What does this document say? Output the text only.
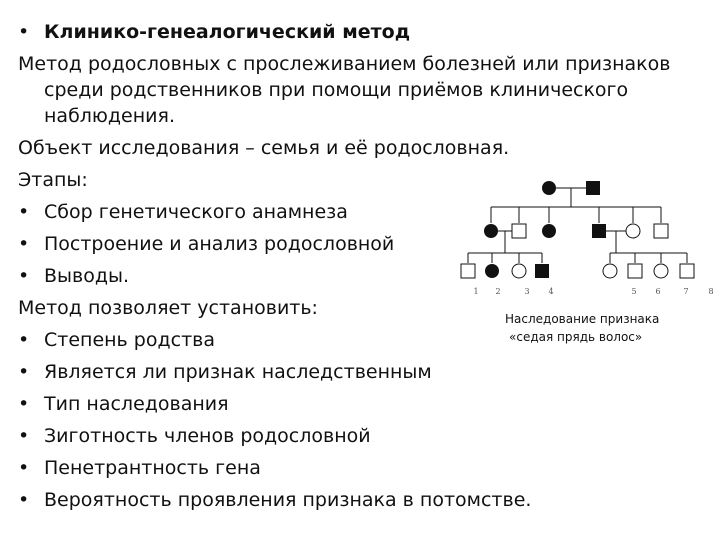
• Клинико-генеалогический метод
Метод родословных с прослеживанием болезней или признаков
среди родственников при помощи приёмов клинического
наблюдения.
Объект исследования – семья и её родословная.
Этапы:
• Сбор генетического анамнеза
• Построение и анализ родословной
• Выводы.
Метод позволяет установить:
• Степень родства
• Является ли признак наследственным
• Тип наследования
• Зиготность членов родословной
• Пенетрантность гена
• Вероятность проявления признака в потомстве.
1 2	3 4	5 6	7 8
Наследование признака
«седая прядь волос»
